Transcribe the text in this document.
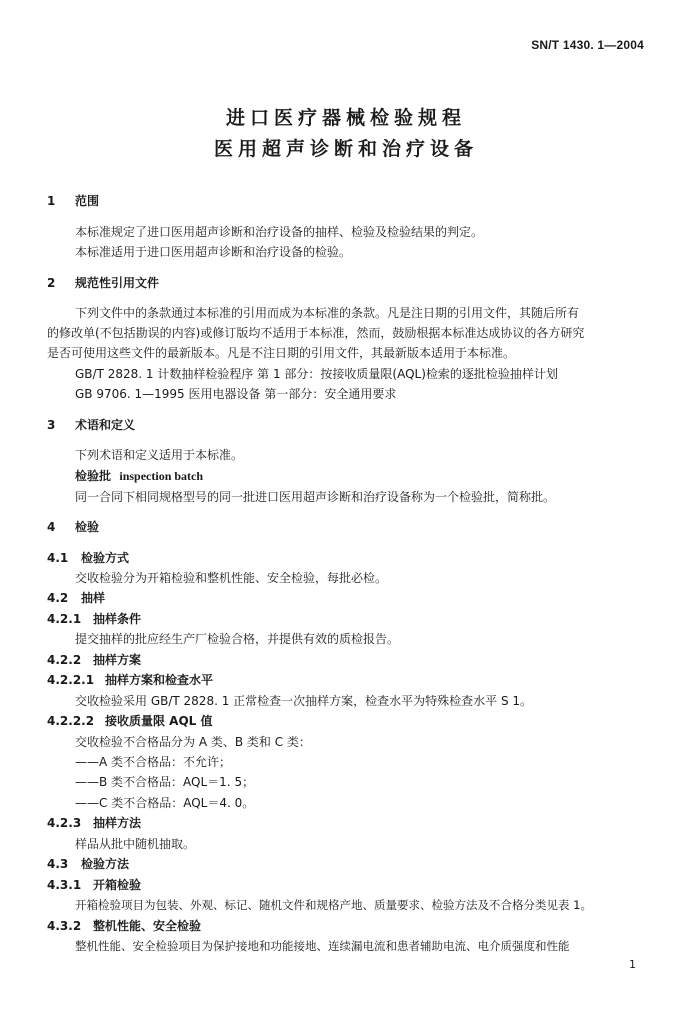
SN/T 1430. 1—2004
进口医疗器械检验规程
医用超声诊断和治疗设备
1 范围
本标准规定了进口医用超声诊断和治疗设备的抽样、检验及检验结果的判定。
本标准适用于进口医用超声诊断和治疗设备的检验。
2 规范性引用文件
下列文件中的条款通过本标准的引用而成为本标准的条款。凡是注日期的引用文件，其随后所有
的修改单(不包括勘误的内容)或修订版均不适用于本标准，然而，鼓励根据本标准达成协议的各方研究
是否可使用这些文件的最新版本。凡是不注日期的引用文件，其最新版本适用于本标准。
GB/T 2828. 1 计数抽样检验程序 第 1 部分：按接收质量限(AQL)检索的逐批检验抽样计划
GB 9706. 1—1995 医用电器设备 第一部分：安全通用要求
3 术语和定义
下列术语和定义适用于本标准。
检验批 inspection batch
同一合同下相同规格型号的同一批进口医用超声诊断和治疗设备称为一个检验批，简称批。
4 检验
4.1 检验方式
交收检验分为开箱检验和整机性能、安全检验，每批必检。
4.2 抽样
4.2.1 抽样条件
提交抽样的批应经生产厂检验合格，并提供有效的质检报告。
4.2.2 抽样方案
4.2.2.1 抽样方案和检查水平
交收检验采用 GB/T 2828. 1 正常检查一次抽样方案，检查水平为特殊检查水平 S 1。
4.2.2.2 接收质量限 AQL 值
交收检验不合格品分为 A 类、B 类和 C 类：
——A 类不合格品：不允许；
——B 类不合格品：AQL＝1. 5；
——C 类不合格品：AQL＝4. 0。
4.2.3 抽样方法
样品从批中随机抽取。
4.3 检验方法
4.3.1 开箱检验
开箱检验项目为包装、外观、标记、随机文件和规格产地、质量要求、检验方法及不合格分类见表 1。
4.3.2 整机性能、安全检验
整机性能、安全检验项目为保护接地和功能接地、连续漏电流和患者辅助电流、电介质强度和性能
1
